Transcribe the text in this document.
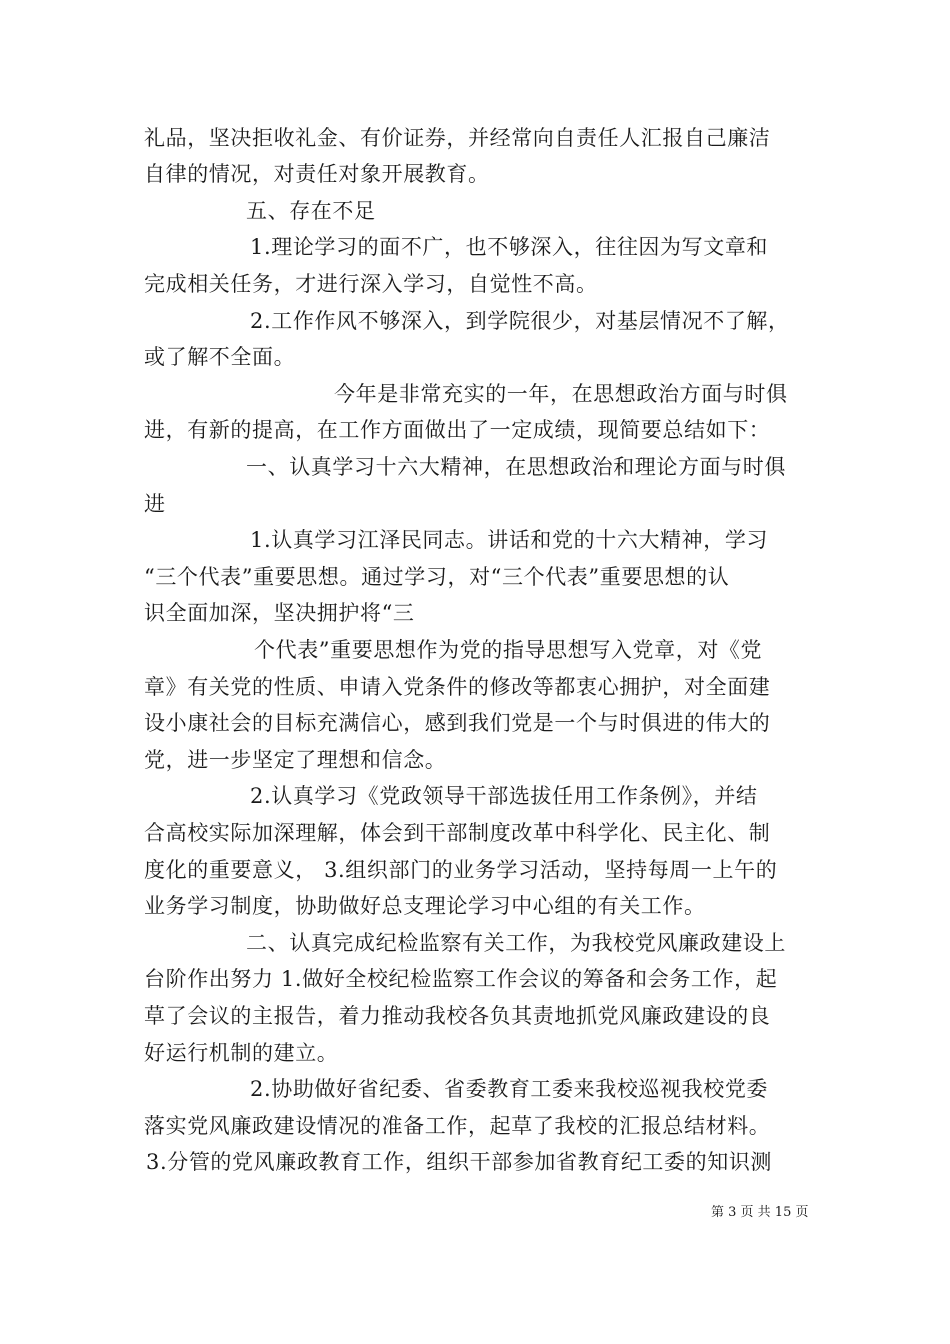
礼品，坚决拒收礼金、有价证券，并经常向自责任人汇报自己廉洁
自律的情况，对责任对象开展教育。
五、存在不足
1.理论学习的面不广，也不够深入，往往因为写文章和
完成相关任务，才进行深入学习，自觉性不高。
2.工作作风不够深入，到学院很少，对基层情况不了解，
或了解不全面。
今年是非常充实的一年，在思想政治方面与时俱
进，有新的提高，在工作方面做出了一定成绩，现简要总结如下：
一、认真学习十六大精神，在思想政治和理论方面与时俱
进
1.认真学习江泽民同志。讲话和党的十六大精神，学习
“三个代表”重要思想。通过学习，对“三个代表”重要思想的认
识全面加深，坚决拥护将“三
个代表”重要思想作为党的指导思想写入党章，对《党
章》有关党的性质、申请入党条件的修改等都衷心拥护，对全面建
设小康社会的目标充满信心，感到我们党是一个与时俱进的伟大的
党，进一步坚定了理想和信念。
2.认真学习《党政领导干部选拔任用工作条例》，并结
合高校实际加深理解，体会到干部制度改革中科学化、民主化、制
度化的重要意义， 3.组织部门的业务学习活动，坚持每周一上午的
业务学习制度，协助做好总支理论学习中心组的有关工作。
二、认真完成纪检监察有关工作，为我校党风廉政建设上
台阶作出努力 1.做好全校纪检监察工作会议的筹备和会务工作，起
草了会议的主报告，着力推动我校各负其责地抓党风廉政建设的良
好运行机制的建立。
2.协助做好省纪委、省委教育工委来我校巡视我校党委
落实党风廉政建设情况的准备工作，起草了我校的汇报总结材料。
3.分管的党风廉政教育工作，组织干部参加省教育纪工委的知识测
第 3 页 共 15 页
